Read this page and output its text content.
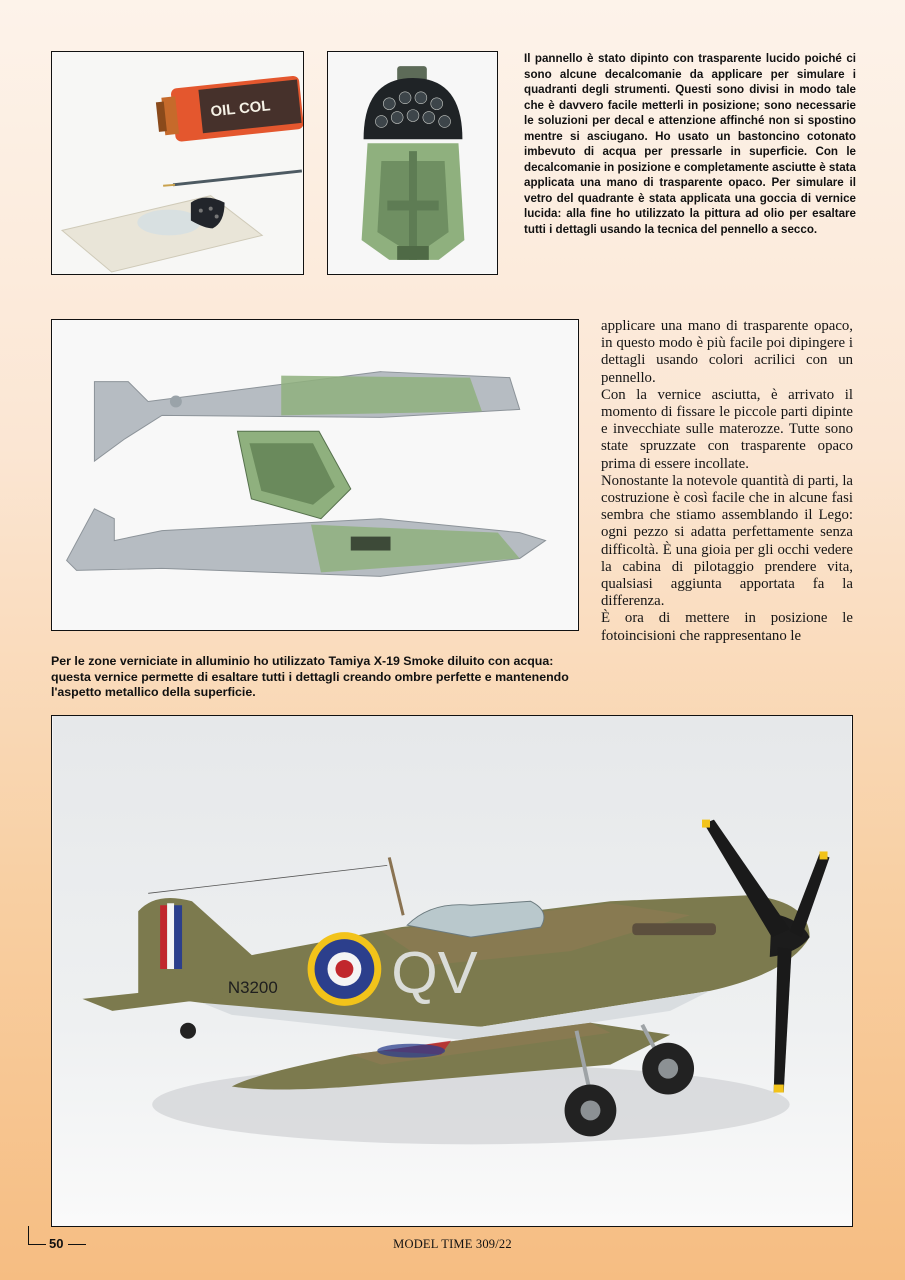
OIL COL
Il pannello è stato dipinto con trasparente lucido poiché ci sono alcune decalcomanie da applicare per simulare i quadranti degli strumenti. Questi sono divisi in modo tale che è davvero facile metterli in posizione; sono necessarie le soluzioni per decal e attenzione affinché non si spostino mentre si asciugano. Ho usato un bastoncino cotonato imbevuto di acqua per pressarle in superficie. Con le decalcomanie in posizione e completamente asciutte è stata applicata una mano di trasparente opaco. Per simulare il vetro del quadrante è stata applicata una goccia di vernice lucida: alla fine ho utilizzato la pittura ad olio per esaltare tutti i dettagli usando la tecnica del pennello a secco.
Per le zone verniciate in alluminio ho utilizzato Tamiya X-19 Smoke diluito con acqua: questa vernice permette di esaltare tutti i dettagli creando ombre perfette e mantenendo l'aspetto metallico della superficie.

applicare una mano di trasparente opaco, in questo modo è più facile poi dipingere i dettagli usando colori acrilici con un pennello.

Con la vernice asciutta, è arrivato il momento di fissare le piccole parti dipinte e invecchiate sulle materozze. Tutte sono state spruzzate con trasparente opaco prima di essere incollate.

Nonostante la notevole quantità di parti, la costruzione è così facile che in alcune fasi sembra che stiamo assemblando il Lego: ogni pezzo si adatta perfettamente senza difficoltà. È una gioia per gli occhi vedere la cabina di pilotaggio prendere vita, qualsiasi aggiunta apportata fa la differenza.

È ora di mettere in posizione le fotoincisioni che rappresentano le

N3200 QV
50	MODEL TIME 309/22
